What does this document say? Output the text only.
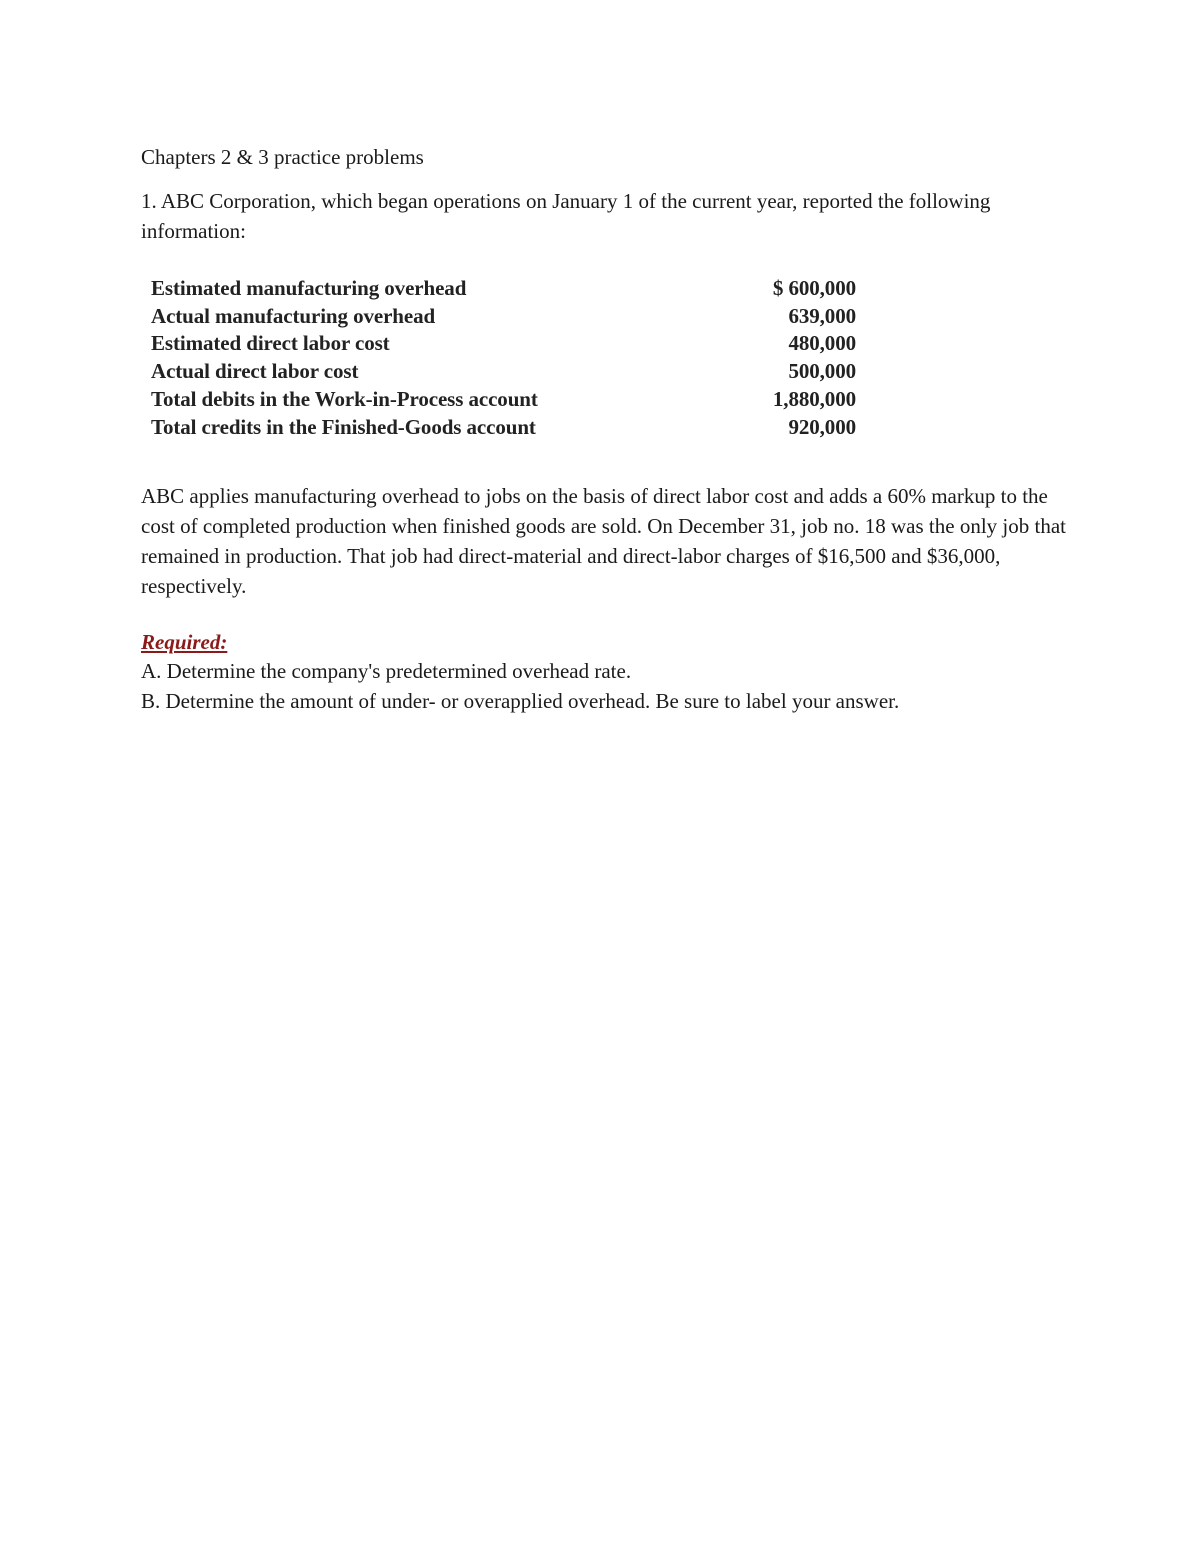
Chapters 2 & 3 practice problems
1. ABC Corporation, which began operations on January 1 of the current year, reported the following information:
Estimated manufacturing overhead	$ 600,000
Actual manufacturing overhead	639,000
Estimated direct labor cost	480,000
Actual direct labor cost	500,000
Total debits in the Work-in-Process account	1,880,000
Total credits in the Finished-Goods account	920,000
ABC applies manufacturing overhead to jobs on the basis of direct labor cost and adds a 60% markup to the cost of completed production when finished goods are sold. On December 31, job no. 18 was the only job that remained in production. That job had direct-material and direct-labor charges of $16,500 and $36,000, respectively.
Required:
A. Determine the company's predetermined overhead rate.
B. Determine the amount of under- or overapplied overhead. Be sure to label your answer.
